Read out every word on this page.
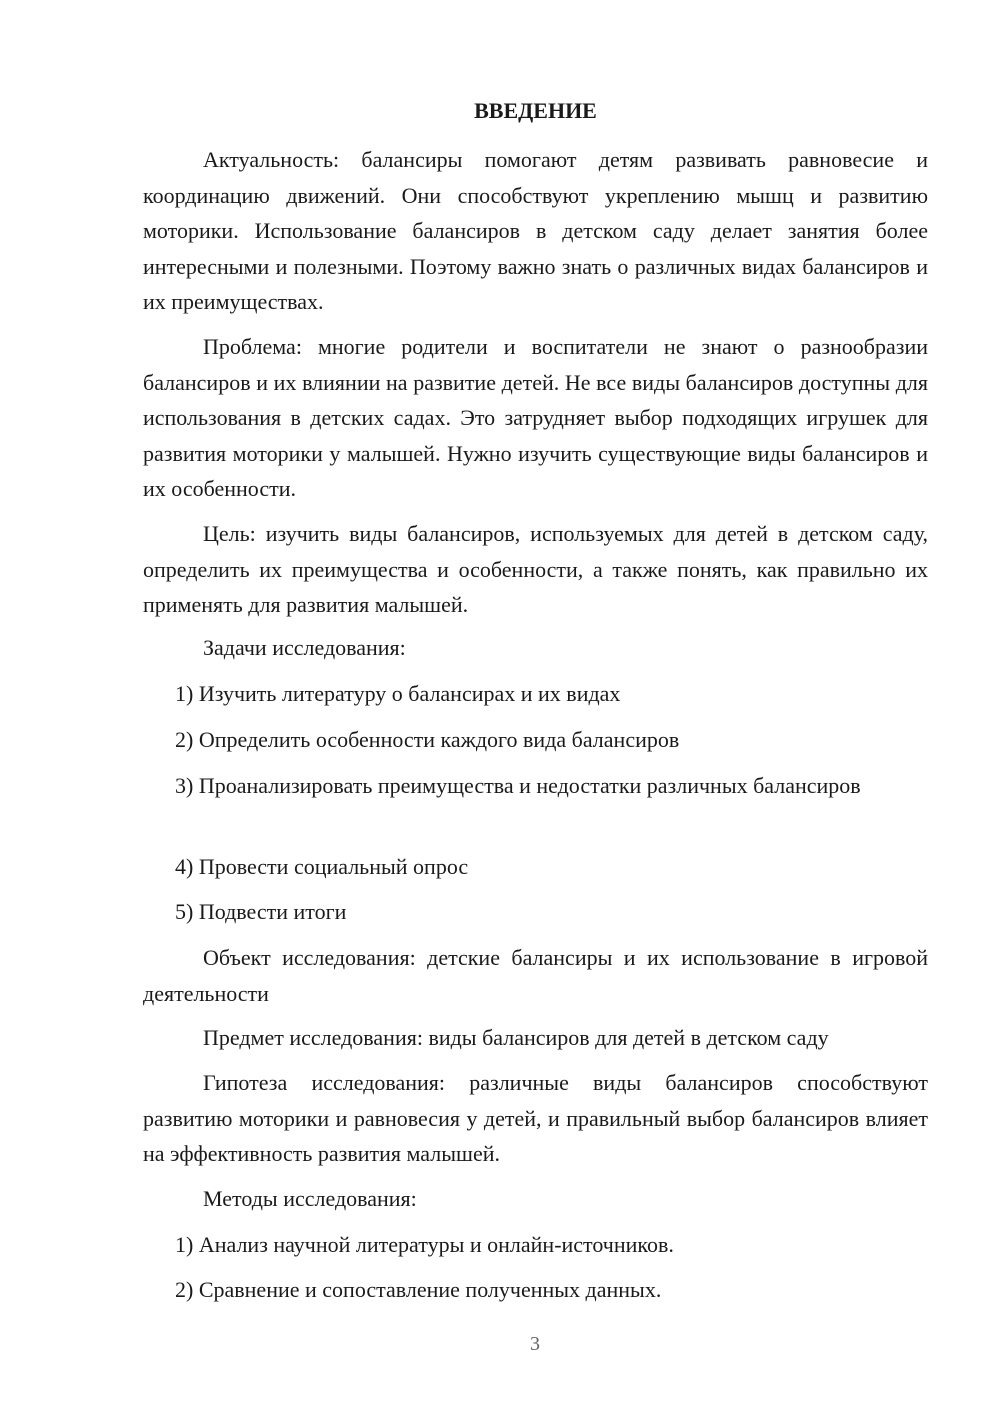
ВВЕДЕНИЕ
Актуальность: балансиры помогают детям развивать равновесие и координацию движений. Они способствуют укреплению мышц и развитию моторики. Использование балансиров в детском саду делает занятия более интересными и полезными. Поэтому важно знать о различных видах балансиров и их преимуществах.
Проблема: многие родители и воспитатели не знают о разнообразии балансиров и их влиянии на развитие детей. Не все виды балансиров доступны для использования в детских садах. Это затрудняет выбор подходящих игрушек для развития моторики у малышей. Нужно изучить существующие виды балансиров и их особенности.
Цель: изучить виды балансиров, используемых для детей в детском саду, определить их преимущества и особенности, а также понять, как правильно их применять для развития малышей.
Задачи исследования:
1) Изучить литературу о балансирах и их видах
2) Определить особенности каждого вида балансиров
3) Проанализировать преимущества и недостатки различных балансиров
4) Провести социальный опрос
5) Подвести итоги
Объект исследования: детские балансиры и их использование в игровой деятельности
Предмет исследования: виды балансиров для детей в детском саду
Гипотеза исследования: различные виды балансиров способствуют развитию моторики и равновесия у детей, и правильный выбор балансиров влияет на эффективность развития малышей.
Методы исследования:
1) Анализ научной литературы и онлайн-источников.
2) Сравнение и сопоставление полученных данных.
3
